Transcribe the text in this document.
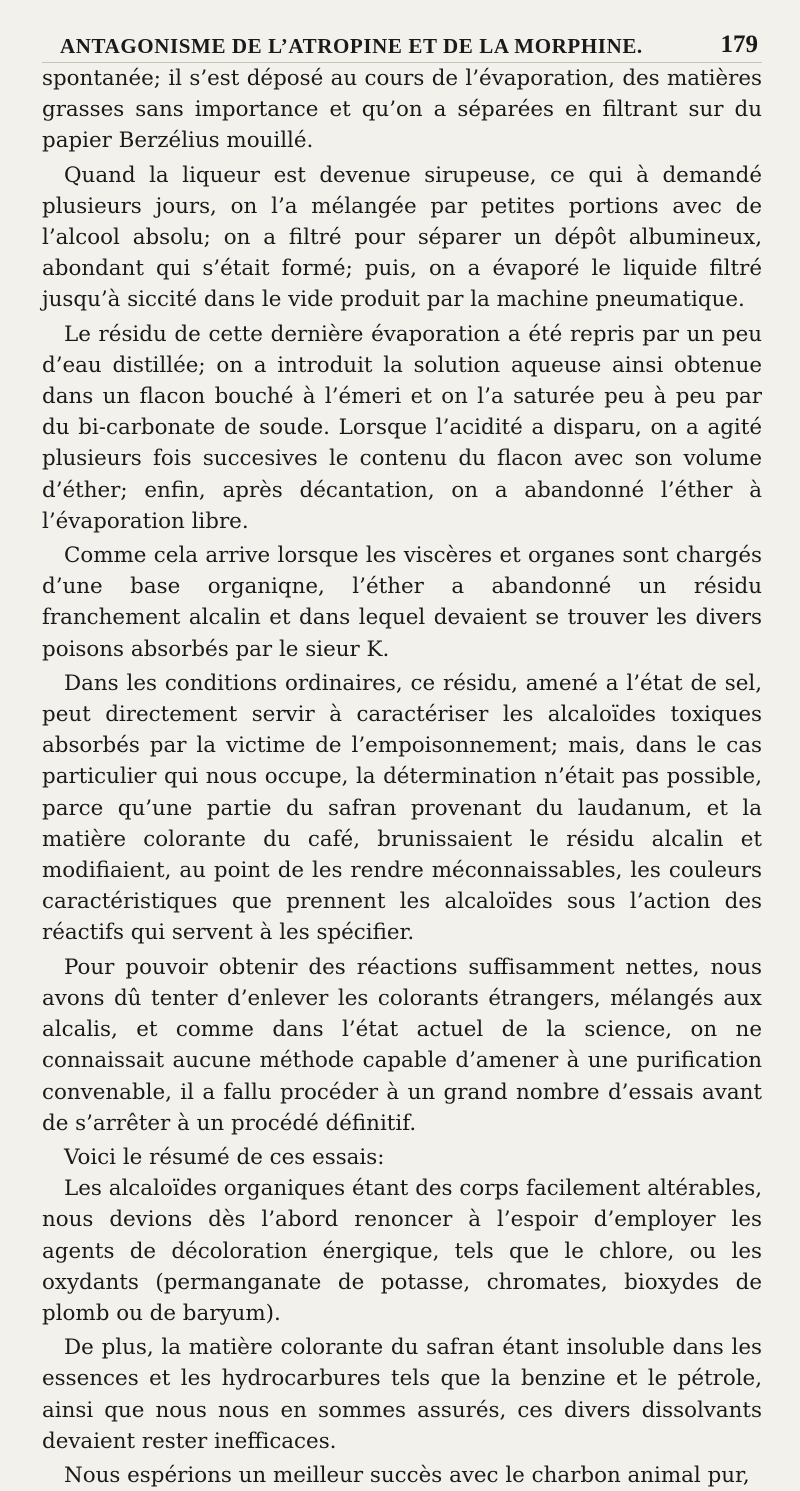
ANTAGONISME DE L’ATROPINE ET DE LA MORPHINE.	179

spontanée; il s’est déposé au cours de l’évaporation, des matières grasses sans importance et qu’on a séparées en filtrant sur du papier Berzélius mouillé.

Quand la liqueur est devenue sirupeuse, ce qui à demandé plusieurs jours, on l’a mélangée par petites portions avec de l’alcool absolu; on a filtré pour séparer un dépôt albumineux, abondant qui s’était formé; puis, on a évaporé le liquide filtré jusqu’à siccité dans le vide produit par la machine pneumatique.

Le résidu de cette dernière évaporation a été repris par un peu d’eau distillée; on a introduit la solution aqueuse ainsi obtenue dans un flacon bouché à l’émeri et on l’a saturée peu à peu par du bi-carbonate de soude. Lorsque l’acidité a disparu, on a agité plusieurs fois succesives le contenu du flacon avec son volume d’éther; enfin, après décantation, on a abandonné l’éther à l’évaporation libre.

Comme cela arrive lorsque les viscères et organes sont chargés d’une base organiqne, l’éther a abandonné un résidu franchement alcalin et dans lequel devaient se trouver les divers poisons absorbés par le sieur K.

Dans les conditions ordinaires, ce résidu, amené a l’état de sel, peut directement servir à caractériser les alcaloïdes toxiques absorbés par la victime de l’empoisonnement; mais, dans le cas particulier qui nous occupe, la détermination n’était pas possible, parce qu’une partie du safran provenant du laudanum, et la matière colorante du café, brunissaient le résidu alcalin et modifiaient, au point de les rendre méconnaissables, les couleurs caractéristiques que prennent les alcaloïdes sous l’action des réactifs qui servent à les spécifier.

Pour pouvoir obtenir des réactions suffisamment nettes, nous avons dû tenter d’enlever les colorants étrangers, mélangés aux alcalis, et comme dans l’état actuel de la science, on ne connaissait aucune méthode capable d’amener à une purification convenable, il a fallu procéder à un grand nombre d’essais avant de s’arrêter à un procédé définitif.

Voici le résumé de ces essais:

Les alcaloïdes organiques étant des corps facilement altérables, nous devions dès l’abord renoncer à l’espoir d’employer les agents de décoloration énergique, tels que le chlore, ou les oxydants (permanganate de potasse, chromates, bioxydes de plomb ou de baryum).

De plus, la matière colorante du safran étant insoluble dans les essences et les hydrocarbures tels que la benzine et le pétrole, ainsi que nous nous en sommes assurés, ces divers dissolvants devaient rester inefficaces.

Nous espérions un meilleur succès avec le charbon animal pur,
